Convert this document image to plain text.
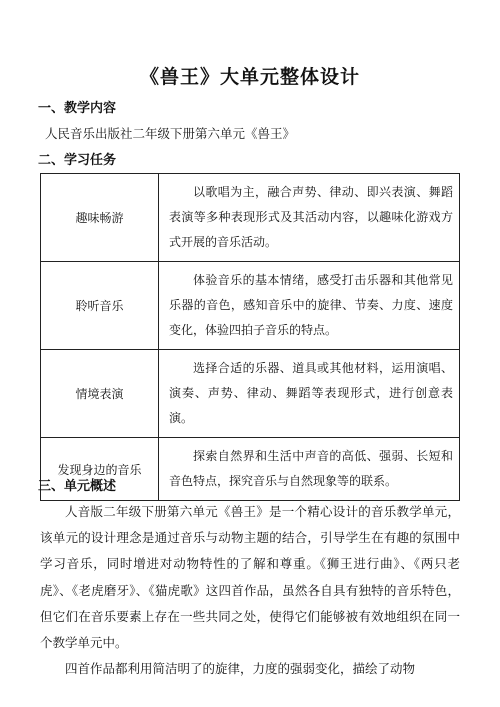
《兽王》大单元整体设计
一、教学内容
人民音乐出版社二年级下册第六单元《兽王》
二、学习任务
趣味畅游	以歌唱为主，融合声势、律动、即兴表演、舞蹈表演等多种表现形式及其活动内容，以趣味化游戏方式开展的音乐活动。

聆听音乐	体验音乐的基本情绪，感受打击乐器和其他常见乐器的音色，感知音乐中的旋律、节奏、力度、速度变化，体验四拍子音乐的特点。

情境表演	选择合适的乐器、道具或其他材料，运用演唱、演奏、声势、律动、舞蹈等表现形式，进行创意表演。

发现身边的音乐	探索自然界和生活中声音的高低、强弱、长短和音色特点，探究音乐与自然现象等的联系。
三、单元概述
人音版二年级下册第六单元《兽王》是一个精心设计的音乐教学单元，该单元的设计理念是通过音乐与动物主题的结合，引导学生在有趣的氛围中学习音乐，同时增进对动物特性的了解和尊重。《狮王进行曲》、《两只老虎》、《老虎磨牙》、《猫虎歌》这四首作品，虽然各自具有独特的音乐特色，但它们在音乐要素上存在一些共同之处，使得它们能够被有效地组织在同一个教学单元中。
四首作品都利用简洁明了的旋律，力度的强弱变化，描绘了动物
